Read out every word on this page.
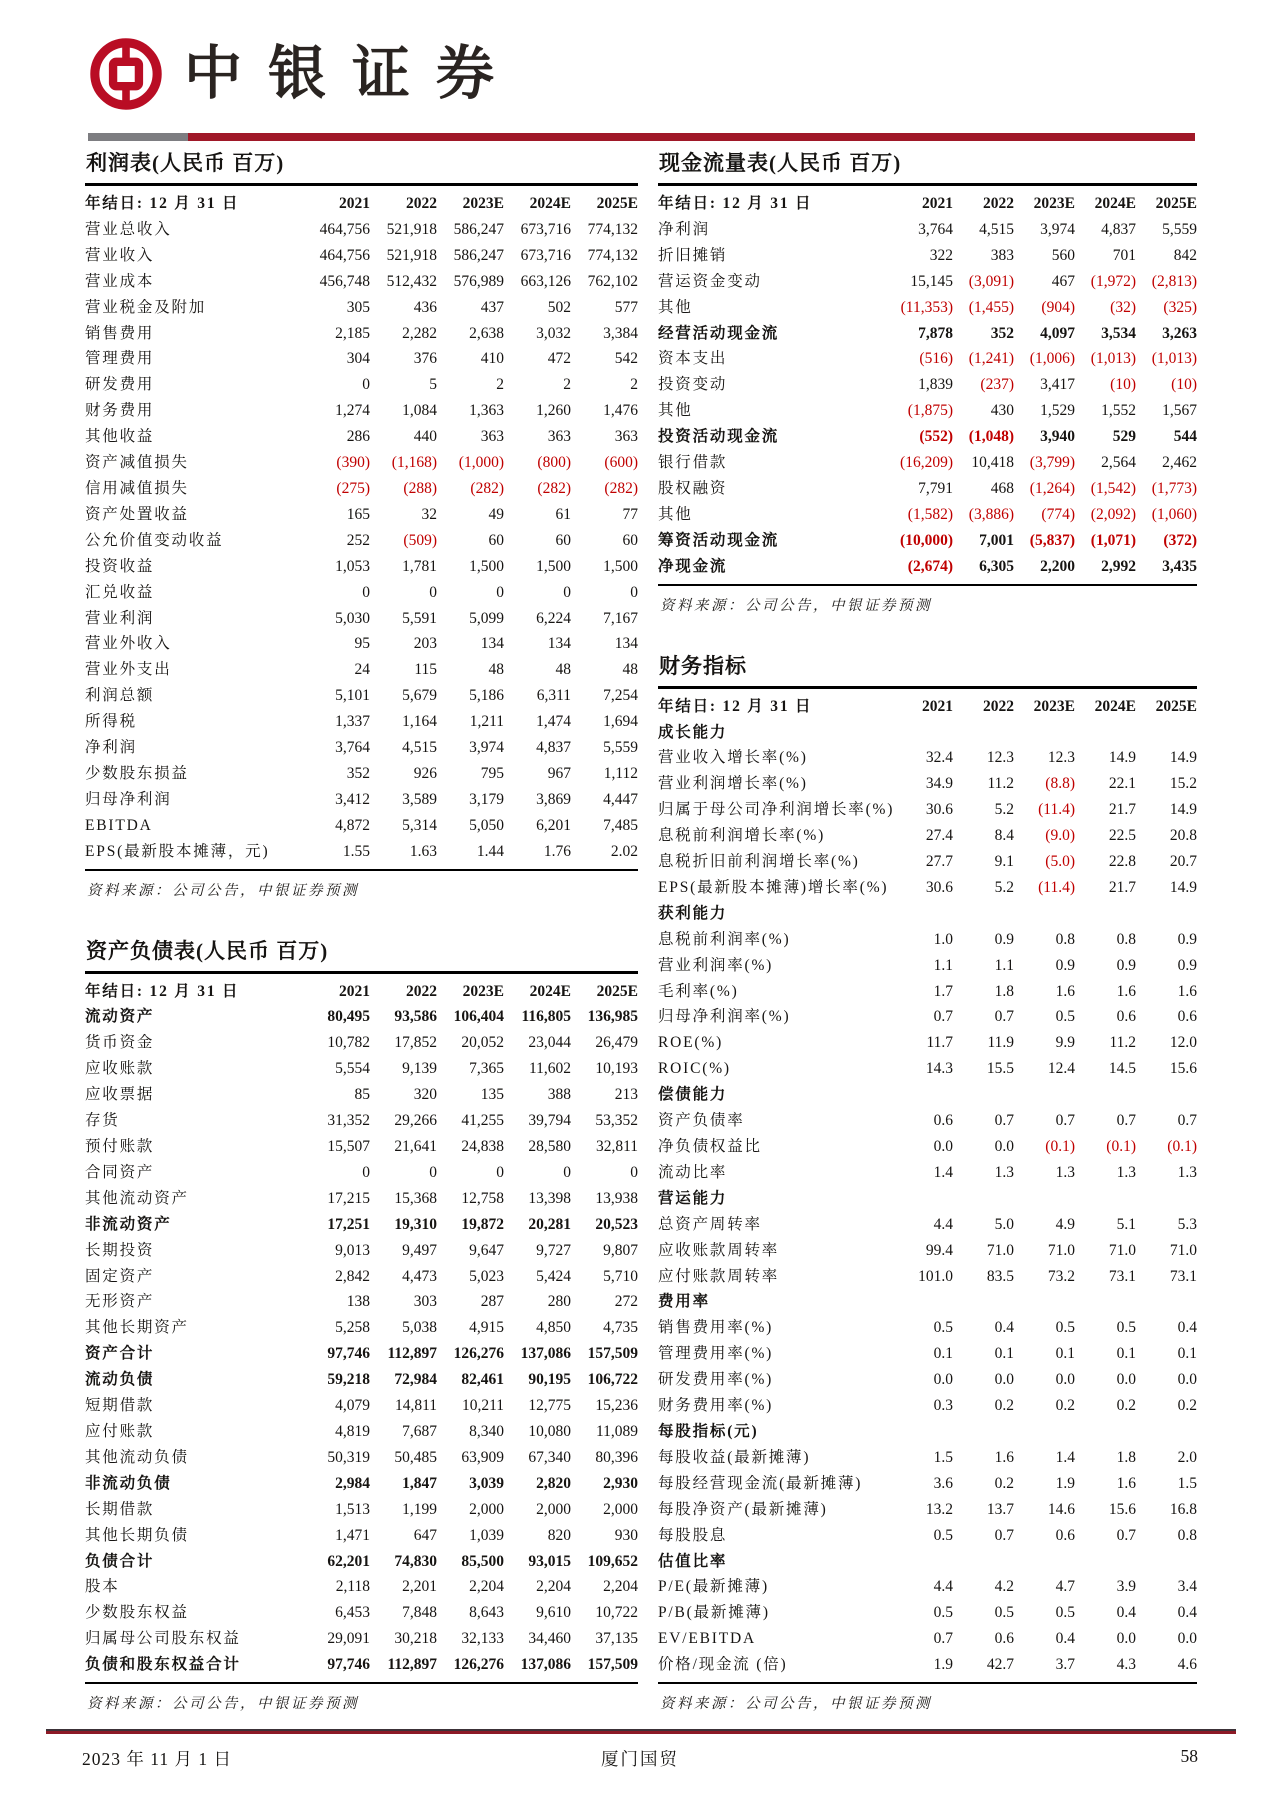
中银证券
利润表(人民币 百万)
年结日: 12 月 31 日	2021	2022	2023E	2024E	2025E
营业总收入	464,756	521,918	586,247	673,716	774,132
营业收入	464,756	521,918	586,247	673,716	774,132
营业成本	456,748	512,432	576,989	663,126	762,102
营业税金及附加	305	436	437	502	577
销售费用	2,185	2,282	2,638	3,032	3,384
管理费用	304	376	410	472	542
研发费用	0	5	2	2	2
财务费用	1,274	1,084	1,363	1,260	1,476
其他收益	286	440	363	363	363
资产减值损失	(390)	(1,168)	(1,000)	(800)	(600)
信用减值损失	(275)	(288)	(282)	(282)	(282)
资产处置收益	165	32	49	61	77
公允价值变动收益	252	(509)	60	60	60
投资收益	1,053	1,781	1,500	1,500	1,500
汇兑收益	0	0	0	0	0
营业利润	5,030	5,591	5,099	6,224	7,167
营业外收入	95	203	134	134	134
营业外支出	24	115	48	48	48
利润总额	5,101	5,679	5,186	6,311	7,254
所得税	1,337	1,164	1,211	1,474	1,694
净利润	3,764	4,515	3,974	4,837	5,559
少数股东损益	352	926	795	967	1,112
归母净利润	3,412	3,589	3,179	3,869	4,447
EBITDA	4,872	5,314	5,050	6,201	7,485
EPS(最新股本摊薄，元)	1.55	1.63	1.44	1.76	2.02
资料来源：公司公告，中银证券预测
资产负债表(人民币 百万)
年结日: 12 月 31 日	2021	2022	2023E	2024E	2025E
流动资产	80,495	93,586	106,404	116,805	136,985
货币资金	10,782	17,852	20,052	23,044	26,479
应收账款	5,554	9,139	7,365	11,602	10,193
应收票据	85	320	135	388	213
存货	31,352	29,266	41,255	39,794	53,352
预付账款	15,507	21,641	24,838	28,580	32,811
合同资产	0	0	0	0	0
其他流动资产	17,215	15,368	12,758	13,398	13,938
非流动资产	17,251	19,310	19,872	20,281	20,523
长期投资	9,013	9,497	9,647	9,727	9,807
固定资产	2,842	4,473	5,023	5,424	5,710
无形资产	138	303	287	280	272
其他长期资产	5,258	5,038	4,915	4,850	4,735
资产合计	97,746	112,897	126,276	137,086	157,509
流动负债	59,218	72,984	82,461	90,195	106,722
短期借款	4,079	14,811	10,211	12,775	15,236
应付账款	4,819	7,687	8,340	10,080	11,089
其他流动负债	50,319	50,485	63,909	67,340	80,396
非流动负债	2,984	1,847	3,039	2,820	2,930
长期借款	1,513	1,199	2,000	2,000	2,000
其他长期负债	1,471	647	1,039	820	930
负债合计	62,201	74,830	85,500	93,015	109,652
股本	2,118	2,201	2,204	2,204	2,204
少数股东权益	6,453	7,848	8,643	9,610	10,722
归属母公司股东权益	29,091	30,218	32,133	34,460	37,135
负债和股东权益合计	97,746	112,897	126,276	137,086	157,509
资料来源：公司公告，中银证券预测
现金流量表(人民币 百万)
年结日: 12 月 31 日	2021	2022	2023E	2024E	2025E
净利润	3,764	4,515	3,974	4,837	5,559
折旧摊销	322	383	560	701	842
营运资金变动	15,145	(3,091)	467	(1,972)	(2,813)
其他	(11,353)	(1,455)	(904)	(32)	(325)
经营活动现金流	7,878	352	4,097	3,534	3,263
资本支出	(516)	(1,241)	(1,006)	(1,013)	(1,013)
投资变动	1,839	(237)	3,417	(10)	(10)
其他	(1,875)	430	1,529	1,552	1,567
投资活动现金流	(552)	(1,048)	3,940	529	544
银行借款	(16,209)	10,418	(3,799)	2,564	2,462
股权融资	7,791	468	(1,264)	(1,542)	(1,773)
其他	(1,582)	(3,886)	(774)	(2,092)	(1,060)
筹资活动现金流	(10,000)	7,001	(5,837)	(1,071)	(372)
净现金流	(2,674)	6,305	2,200	2,992	3,435
资料来源：公司公告，中银证券预测
财务指标
年结日: 12 月 31 日	2021	2022	2023E	2024E	2025E
成长能力
营业收入增长率(%)	32.4	12.3	12.3	14.9	14.9
营业利润增长率(%)	34.9	11.2	(8.8)	22.1	15.2
归属于母公司净利润增长率(%)	30.6	5.2	(11.4)	21.7	14.9
息税前利润增长率(%)	27.4	8.4	(9.0)	22.5	20.8
息税折旧前利润增长率(%)	27.7	9.1	(5.0)	22.8	20.7
EPS(最新股本摊薄)增长率(%)	30.6	5.2	(11.4)	21.7	14.9
获利能力
息税前利润率(%)	1.0	0.9	0.8	0.8	0.9
营业利润率(%)	1.1	1.1	0.9	0.9	0.9
毛利率(%)	1.7	1.8	1.6	1.6	1.6
归母净利润率(%)	0.7	0.7	0.5	0.6	0.6
ROE(%)	11.7	11.9	9.9	11.2	12.0
ROIC(%)	14.3	15.5	12.4	14.5	15.6
偿债能力
资产负债率	0.6	0.7	0.7	0.7	0.7
净负债权益比	0.0	0.0	(0.1)	(0.1)	(0.1)
流动比率	1.4	1.3	1.3	1.3	1.3
营运能力
总资产周转率	4.4	5.0	4.9	5.1	5.3
应收账款周转率	99.4	71.0	71.0	71.0	71.0
应付账款周转率	101.0	83.5	73.2	73.1	73.1
费用率
销售费用率(%)	0.5	0.4	0.5	0.5	0.4
管理费用率(%)	0.1	0.1	0.1	0.1	0.1
研发费用率(%)	0.0	0.0	0.0	0.0	0.0
财务费用率(%)	0.3	0.2	0.2	0.2	0.2
每股指标(元)
每股收益(最新摊薄)	1.5	1.6	1.4	1.8	2.0
每股经营现金流(最新摊薄)	3.6	0.2	1.9	1.6	1.5
每股净资产(最新摊薄)	13.2	13.7	14.6	15.6	16.8
每股股息	0.5	0.7	0.6	0.7	0.8
估值比率
P/E(最新摊薄)	4.4	4.2	4.7	3.9	3.4
P/B(最新摊薄)	0.5	0.5	0.5	0.4	0.4
EV/EBITDA	0.7	0.6	0.4	0.0	0.0
价格/现金流 (倍)	1.9	42.7	3.7	4.3	4.6
资料来源：公司公告，中银证券预测
2023 年 11 月 1 日	厦门国贸	58
